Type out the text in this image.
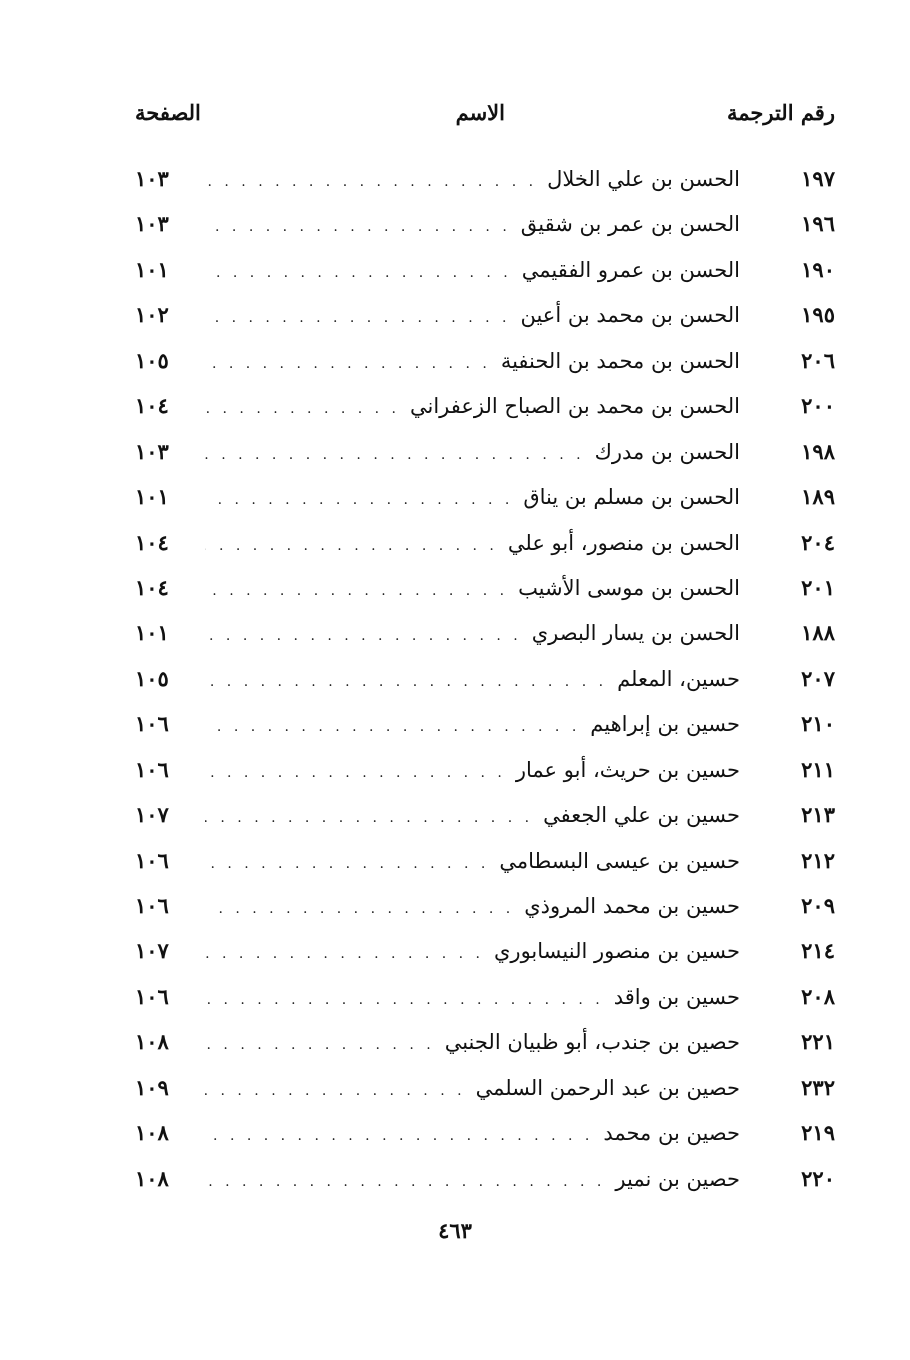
رقم الترجمة
الاسم
الصفحة
١٩٧
الحسن بن علي الخلال
. . .
١٠٣
١٩٦
الحسن بن عمر بن شقيق
. . .
١٠٣
١٩٠
الحسن بن عمرو الفقيمي
. . .
١٠١
١٩٥
الحسن بن محمد بن أعين
. . .
١٠٢
٢٠٦
الحسن بن محمد بن الحنفية
. . .
١٠٥
٢٠٠
الحسن بن محمد بن الصباح الزعفراني
. . .
١٠٤
١٩٨
الحسن بن مدرك
. . .
١٠٣
١٨٩
الحسن بن مسلم بن يناق
. . .
١٠١
٢٠٤
الحسن بن منصور، أبو علي
. . .
١٠٤
٢٠١
الحسن بن موسى الأشيب
. . .
١٠٤
١٨٨
الحسن بن يسار البصري
. . .
١٠١
٢٠٧
حسين، المعلم
. . .
١٠٥
٢١٠
حسين بن إبراهيم
. . .
١٠٦
٢١١
حسين بن حريث، أبو عمار
. . .
١٠٦
٢١٣
حسين بن علي الجعفي
. . .
١٠٧
٢١٢
حسين بن عيسى البسطامي
. . .
١٠٦
٢٠٩
حسين بن محمد المروذي
. . .
١٠٦
٢١٤
حسين بن منصور النيسابوري
. . .
١٠٧
٢٠٨
حسين بن واقد
. . .
١٠٦
٢٢١
حصين بن جندب، أبو ظبيان الجنبي
. . .
١٠٨
٢٣٢
حصين بن عبد الرحمن السلمي
. . .
١٠٩
٢١٩
حصين بن محمد
. . .
١٠٨
٢٢٠
حصين بن نمير
. . .
١٠٨
٤٦٣
